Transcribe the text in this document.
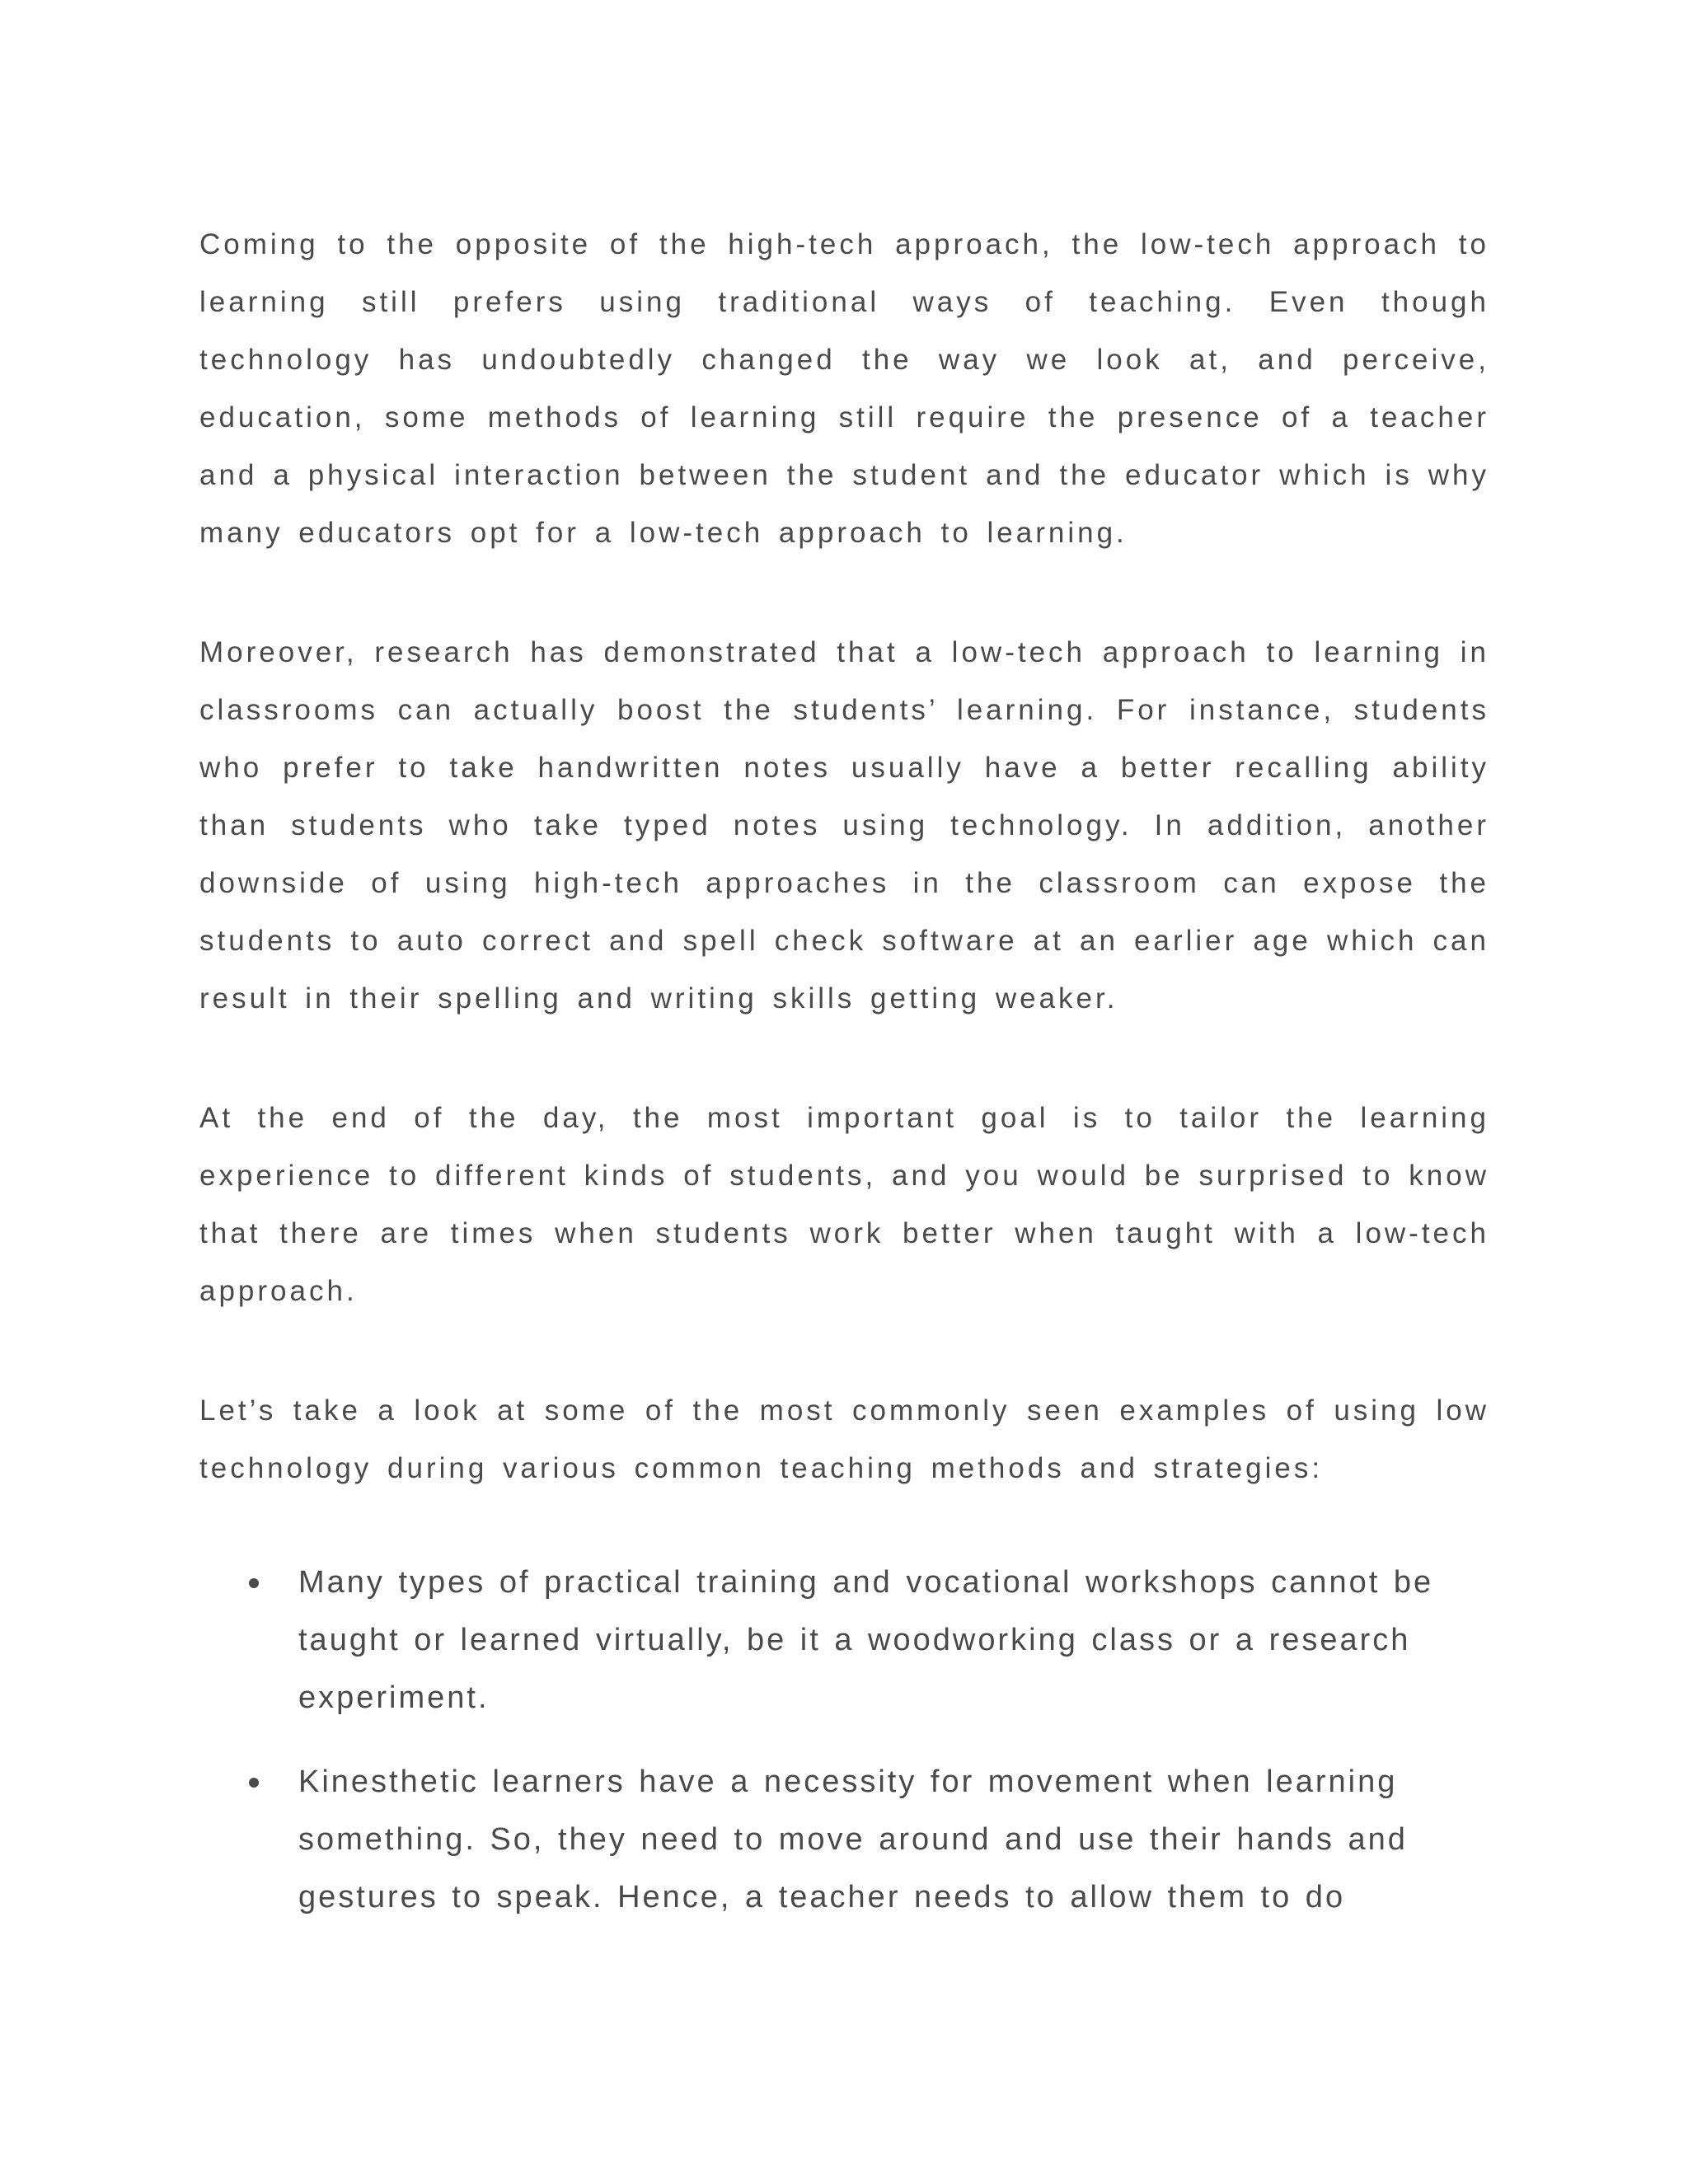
Coming to the opposite of the high-tech approach, the low-tech approach to learning still prefers using traditional ways of teaching. Even though technology has undoubtedly changed the way we look at, and perceive, education, some methods of learning still require the presence of a teacher and a physical interaction between the student and the educator which is why many educators opt for a low-tech approach to learning.

Moreover, research has demonstrated that a low-tech approach to learning in classrooms can actually boost the students’ learning. For instance, students who prefer to take handwritten notes usually have a better recalling ability than students who take typed notes using technology. In addition, another downside of using high-tech approaches in the classroom can expose the students to auto correct and spell check software at an earlier age which can result in their spelling and writing skills getting weaker.

At the end of the day, the most important goal is to tailor the learning experience to different kinds of students, and you would be surprised to know that there are times when students work better when taught with a low-tech approach.

Let’s take a look at some of the most commonly seen examples of using low technology during various common teaching methods and strategies:

Many types of practical training and vocational workshops cannot be taught or learned virtually, be it a woodworking class or a research experiment.
Kinesthetic learners have a necessity for movement when learning something. So, they need to move around and use their hands and gestures to speak. Hence, a teacher needs to allow them to do
